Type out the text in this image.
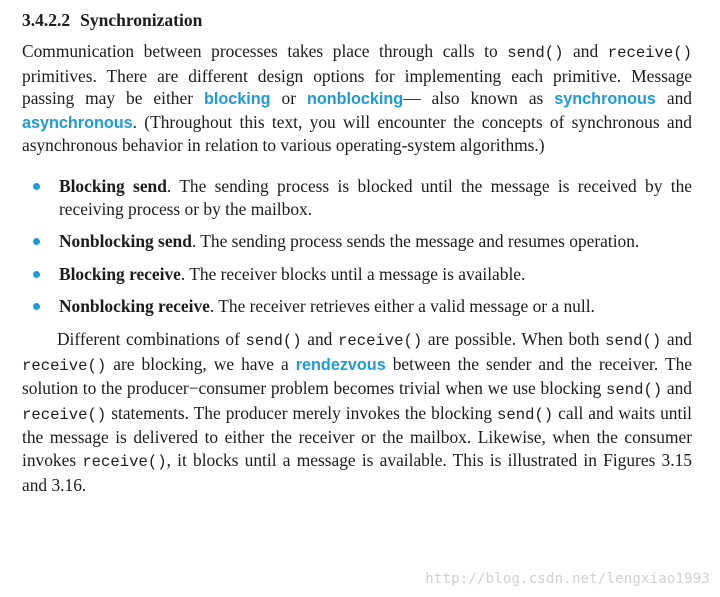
3.4.2.2 Synchronization

Communication between processes takes place through calls to send() and receive() primitives. There are different design options for implementing each primitive. Message passing may be either blocking or nonblocking— also known as synchronous and asynchronous. (Throughout this text, you will encounter the concepts of synchronous and asynchronous behavior in relation to various operating-system algorithms.)

Blocking send. The sending process is blocked until the message is received by the receiving process or by the mailbox.
Nonblocking send. The sending process sends the message and resumes operation.
Blocking receive. The receiver blocks until a message is available.
Nonblocking receive. The receiver retrieves either a valid message or a null.

Different combinations of send() and receive() are possible. When both send() and receive() are blocking, we have a rendezvous between the sender and the receiver. The solution to the producer−consumer problem becomes trivial when we use blocking send() and receive() statements. The producer merely invokes the blocking send() call and waits until the message is delivered to either the receiver or the mailbox. Likewise, when the consumer invokes receive(), it blocks until a message is available. This is illustrated in Figures 3.15 and 3.16.

http://blog.csdn.net/lengxiao1993
